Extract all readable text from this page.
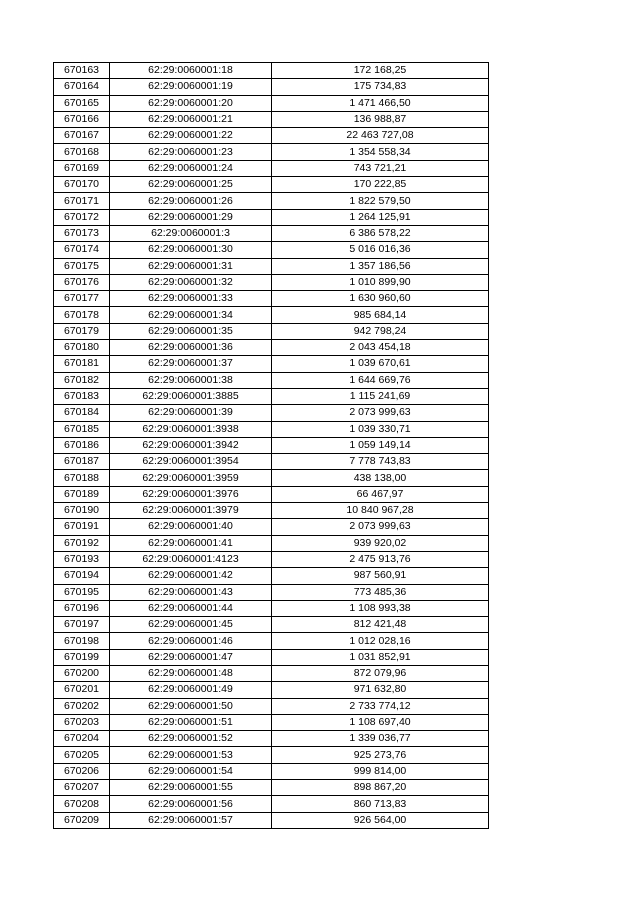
670163	62:29:0060001:18	172 168,25
670164	62:29:0060001:19	175 734,83
670165	62:29:0060001:20	1 471 466,50
670166	62:29:0060001:21	136 988,87
670167	62:29:0060001:22	22 463 727,08
670168	62:29:0060001:23	1 354 558,34
670169	62:29:0060001:24	743 721,21
670170	62:29:0060001:25	170 222,85
670171	62:29:0060001:26	1 822 579,50
670172	62:29:0060001:29	1 264 125,91
670173	62:29:0060001:3	6 386 578,22
670174	62:29:0060001:30	5 016 016,36
670175	62:29:0060001:31	1 357 186,56
670176	62:29:0060001:32	1 010 899,90
670177	62:29:0060001:33	1 630 960,60
670178	62:29:0060001:34	985 684,14
670179	62:29:0060001:35	942 798,24
670180	62:29:0060001:36	2 043 454,18
670181	62:29:0060001:37	1 039 670,61
670182	62:29:0060001:38	1 644 669,76
670183	62:29:0060001:3885	1 115 241,69
670184	62:29:0060001:39	2 073 999,63
670185	62:29:0060001:3938	1 039 330,71
670186	62:29:0060001:3942	1 059 149,14
670187	62:29:0060001:3954	7 778 743,83
670188	62:29:0060001:3959	438 138,00
670189	62:29:0060001:3976	66 467,97
670190	62:29:0060001:3979	10 840 967,28
670191	62:29:0060001:40	2 073 999,63
670192	62:29:0060001:41	939 920,02
670193	62:29:0060001:4123	2 475 913,76
670194	62:29:0060001:42	987 560,91
670195	62:29:0060001:43	773 485,36
670196	62:29:0060001:44	1 108 993,38
670197	62:29:0060001:45	812 421,48
670198	62:29:0060001:46	1 012 028,16
670199	62:29:0060001:47	1 031 852,91
670200	62:29:0060001:48	872 079,96
670201	62:29:0060001:49	971 632,80
670202	62:29:0060001:50	2 733 774,12
670203	62:29:0060001:51	1 108 697,40
670204	62:29:0060001:52	1 339 036,77
670205	62:29:0060001:53	925 273,76
670206	62:29:0060001:54	999 814,00
670207	62:29:0060001:55	898 867,20
670208	62:29:0060001:56	860 713,83
670209	62:29:0060001:57	926 564,00
